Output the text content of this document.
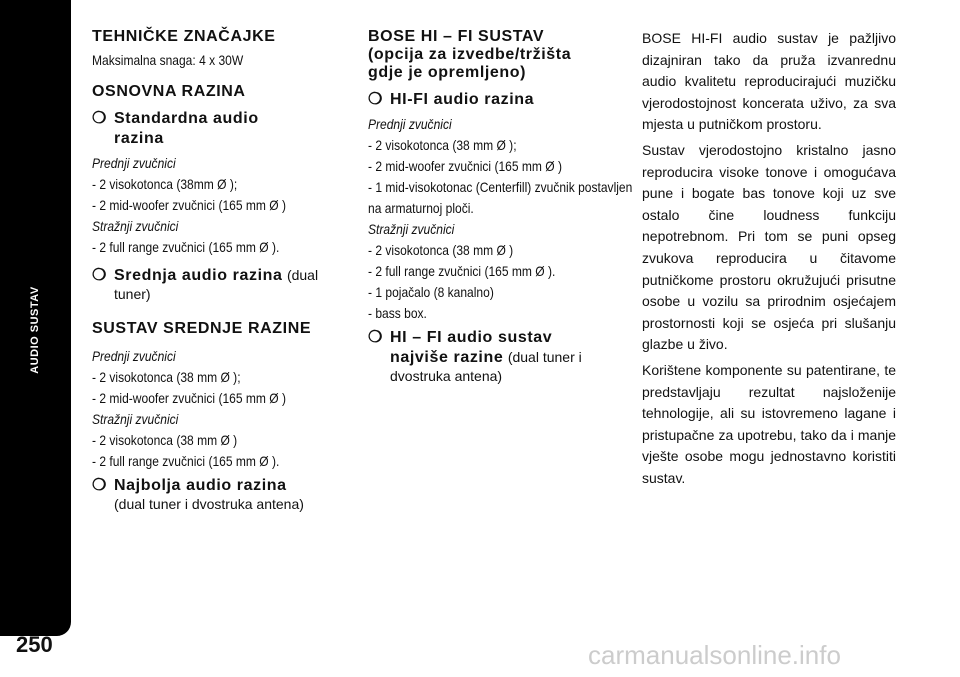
AUDIO SUSTAV
250
TEHNIČKE ZNAČAJKE
Maksimalna snaga: 4 x 30W
OSNOVNA RAZINA
❍ Standardna audio
razina
Prednji zvučnici
- 2 visokotonca (38mm Ø );
- 2 mid-woofer zvučnici (165 mm Ø )
Stražnji zvučnici
- 2 full range zvučnici (165 mm Ø ).
❍ Srednja audio razina (dual
tuner)
SUSTAV SREDNJE RAZINE
Prednji zvučnici
- 2 visokotonca (38 mm Ø );
- 2 mid-woofer zvučnici (165 mm Ø )
Stražnji zvučnici
- 2 visokotonca (38 mm Ø )
- 2 full range zvučnici (165 mm Ø ).
❍ Najbolja audio razina
(dual tuner i dvostruka antena)
BOSE HI – FI SUSTAV
(opcija za izvedbe/tržišta
gdje je opremljeno)
❍ HI-FI audio razina
Prednji zvučnici
- 2 visokotonca (38 mm Ø );
- 2 mid-woofer zvučnici (165 mm Ø )
- 1 mid-visokotonac (Centerfill) zvučnik postavljen
na armaturnoj ploči.
Stražnji zvučnici
- 2 visokotonca (38 mm Ø )
- 2 full range zvučnici (165 mm Ø ).
- 1 pojačalo (8 kanalno)
- bass box.
❍ HI – FI audio sustav
najviše razine (dual tuner i
dvostruka antena)
BOSE HI-FI audio sustav je pažljivo dizajniran tako da pruža izvanrednu audio kvalitetu reproducirajući muzičku vjerodostojnost koncerata uživo, za sva mjesta u putničkom prostoru.
Sustav vjerodostojno kristalno jasno reproducira visoke tonove i omogućava pune i bogate bas tonove koji uz sve ostalo čine loudness funkciju nepotrebnom. Pri tom se puni opseg zvukova reproducira u čitavome putničkome prostoru okružujući prisutne osobe u vozilu sa prirodnim osjećajem prostornosti koji se osjeća pri slušanju glazbe u živo.
Korištene komponente su patentirane, te predstavljaju rezultat najsloženije tehnologije, ali su istovremeno lagane i pristupačne za upotrebu, tako da i manje vješte osobe mogu jednostavno koristiti sustav.
carmanualsonline.info
